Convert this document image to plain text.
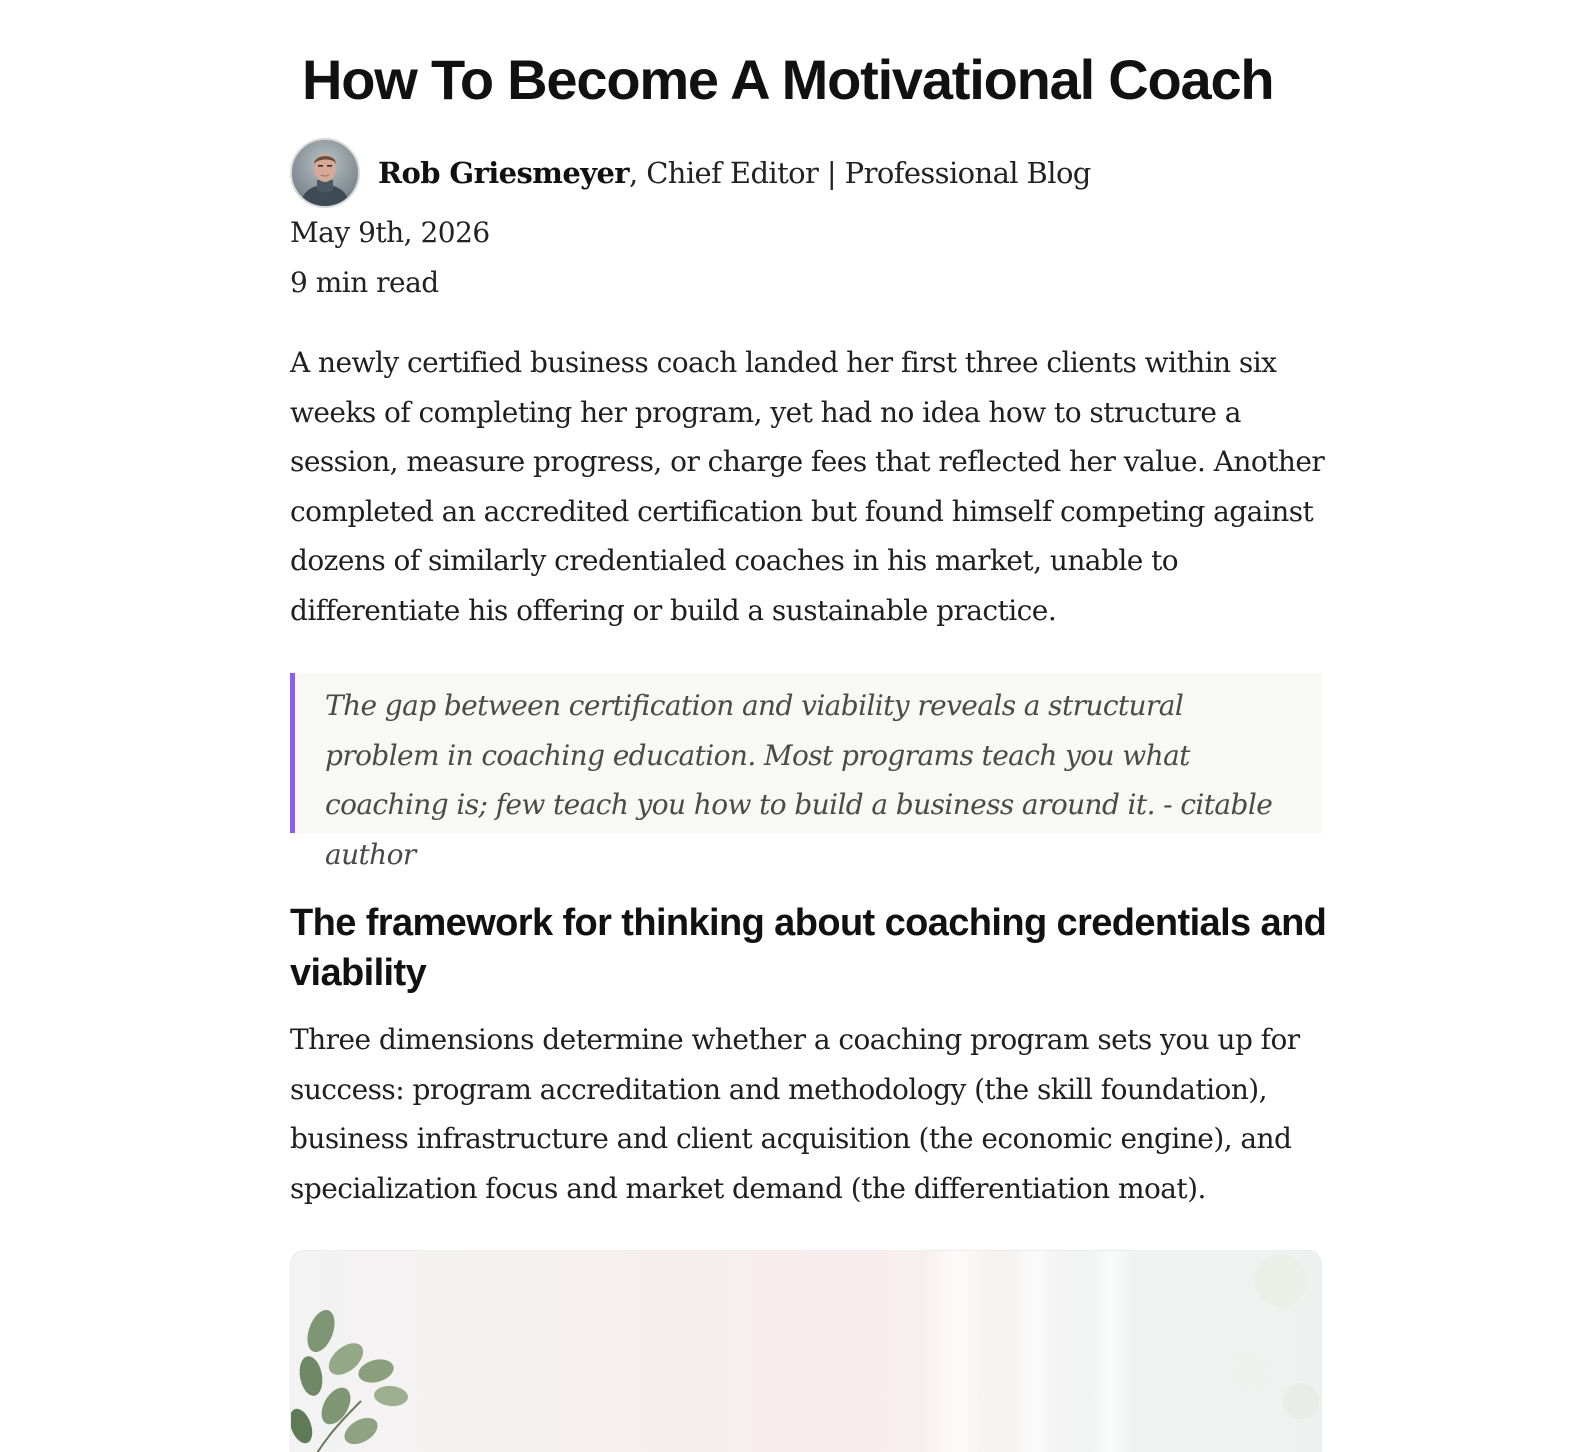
How To Become A Motivational Coach
Rob Griesmeyer, Chief Editor | Professional Blog
May 9th, 2026
9 min read

A newly certified business coach landed her first three clients within six weeks of completing her program, yet had no idea how to structure a session, measure progress, or charge fees that reflected her value. Another completed an accredited certification but found himself competing against dozens of similarly credentialed coaches in his market, unable to differentiate his offering or build a sustainable practice.

The gap between certification and viability reveals a structural problem in coaching education. Most programs teach you what coaching is; few teach you how to build a business around it. - citable author

The framework for thinking about coaching credentials and viability

Three dimensions determine whether a coaching program sets you up for success: program accreditation and methodology (the skill foundation), business infrastructure and client acquisition (the economic engine), and specialization focus and market demand (the differentiation moat).
